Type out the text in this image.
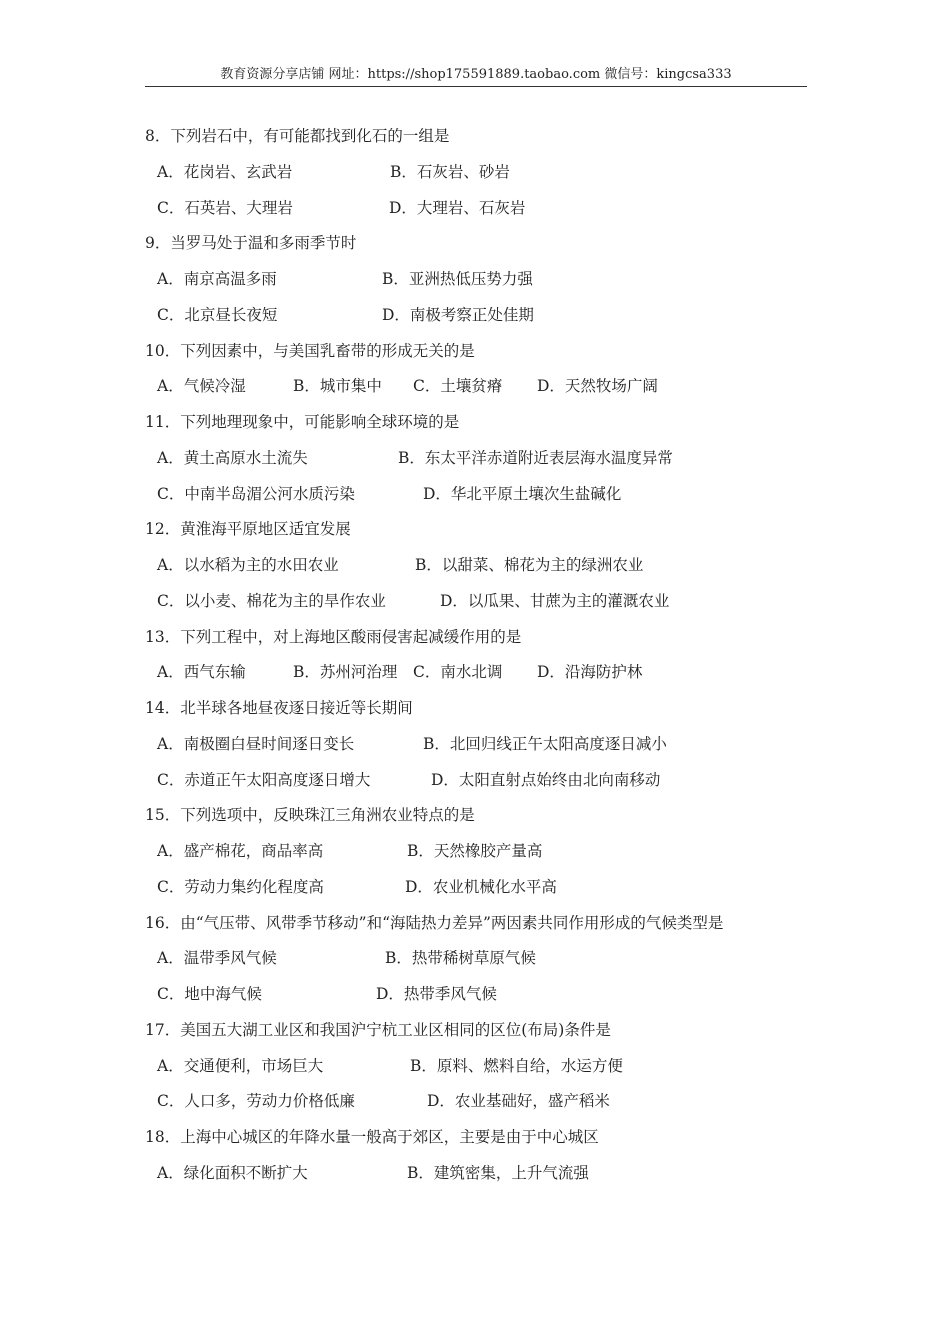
教育资源分享店铺 网址：https://shop175591889.taobao.com 微信号：kingcsa333
8．下列岩石中，有可能都找到化石的一组是
A．花岗岩、玄武岩	B．石灰岩、砂岩
C．石英岩、大理岩	D．大理岩、石灰岩
9．当罗马处于温和多雨季节时
A．南京高温多雨	B．亚洲热低压势力强
C．北京昼长夜短	D．南极考察正处佳期
10．下列因素中，与美国乳畜带的形成无关的是
A．气候冷湿	B．城市集中 C．土壤贫瘠 D．天然牧场广阔
11．下列地理现象中，可能影响全球环境的是
A．黄土高原水土流失	B．东太平洋赤道附近表层海水温度异常
C．中南半岛湄公河水质污染	D．华北平原土壤次生盐碱化
12．黄淮海平原地区适宜发展
A．以水稻为主的水田农业	B．以甜菜、棉花为主的绿洲农业
C．以小麦、棉花为主的旱作农业	D．以瓜果、甘蔗为主的灌溉农业
13．下列工程中，对上海地区酸雨侵害起减缓作用的是
A．西气东输	B．苏州河治理 C．南水北调 D．沿海防护林
14．北半球各地昼夜逐日接近等长期间
A．南极圈白昼时间逐日变长	B．北回归线正午太阳高度逐日减小
C．赤道正午太阳高度逐日增大	D．太阳直射点始终由北向南移动
15．下列选项中，反映珠江三角洲农业特点的是
A．盛产棉花，商品率高	B．天然橡胶产量高
C．劳动力集约化程度高	D．农业机械化水平高
16．由“气压带、风带季节移动”和“海陆热力差异”两因素共同作用形成的气候类型是
A．温带季风气候	B．热带稀树草原气候
C．地中海气候	D．热带季风气候
17．美国五大湖工业区和我国沪宁杭工业区相同的区位(布局)条件是
A．交通便利，市场巨大	B．原料、燃料自给，水运方便
C．人口多，劳动力价格低廉	D．农业基础好，盛产稻米
18．上海中心城区的年降水量一般高于郊区，主要是由于中心城区
A．绿化面积不断扩大	B．建筑密集，上升气流强
